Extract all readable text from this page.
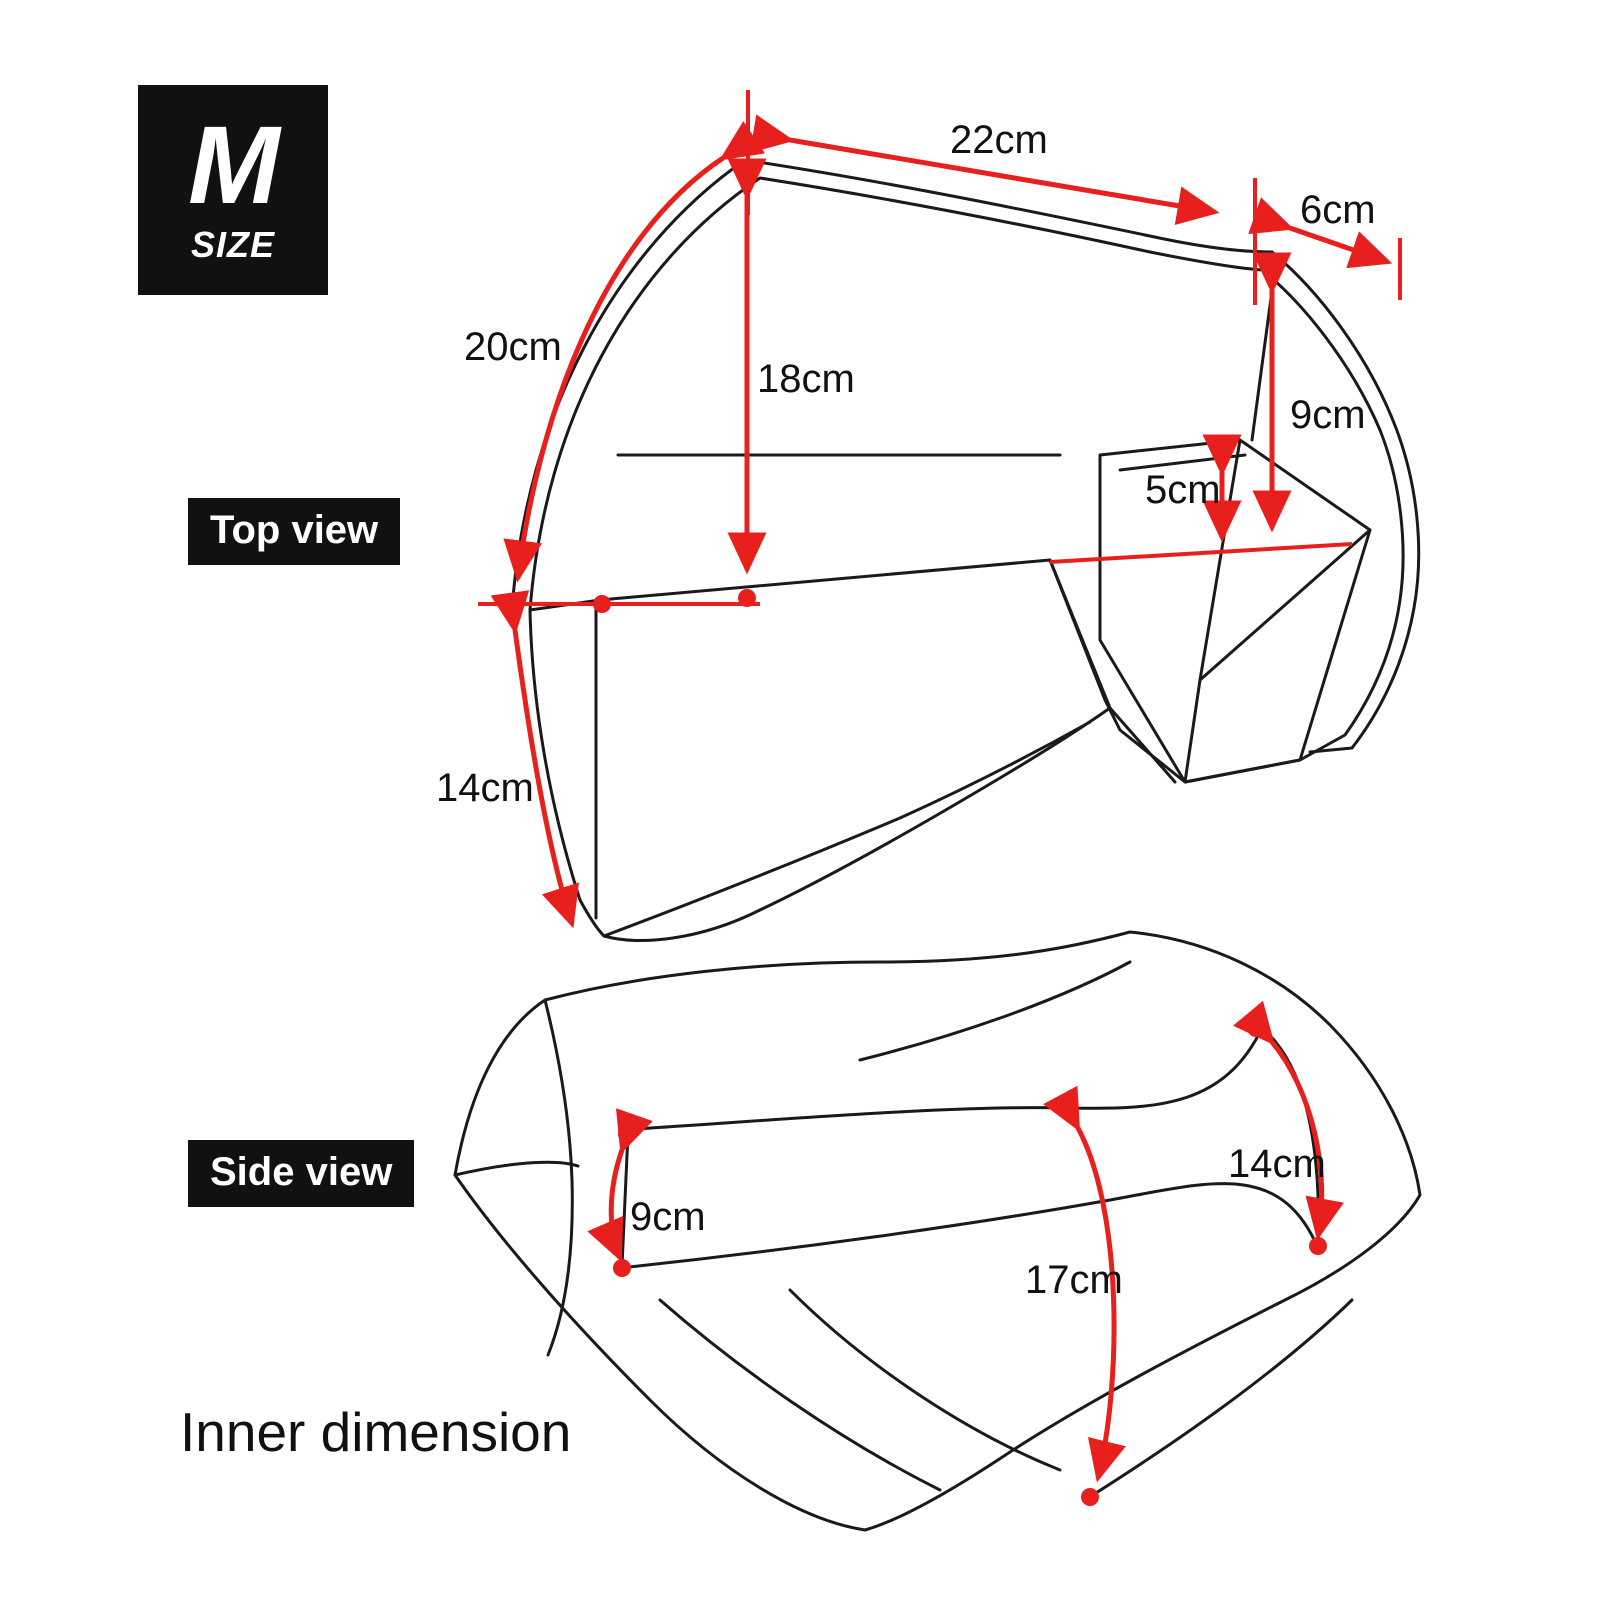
M
SIZE
Top view
Side view
Inner dimension
22cm
6cm
20cm
18cm
9cm
5cm
14cm
14cm
9cm
17cm
